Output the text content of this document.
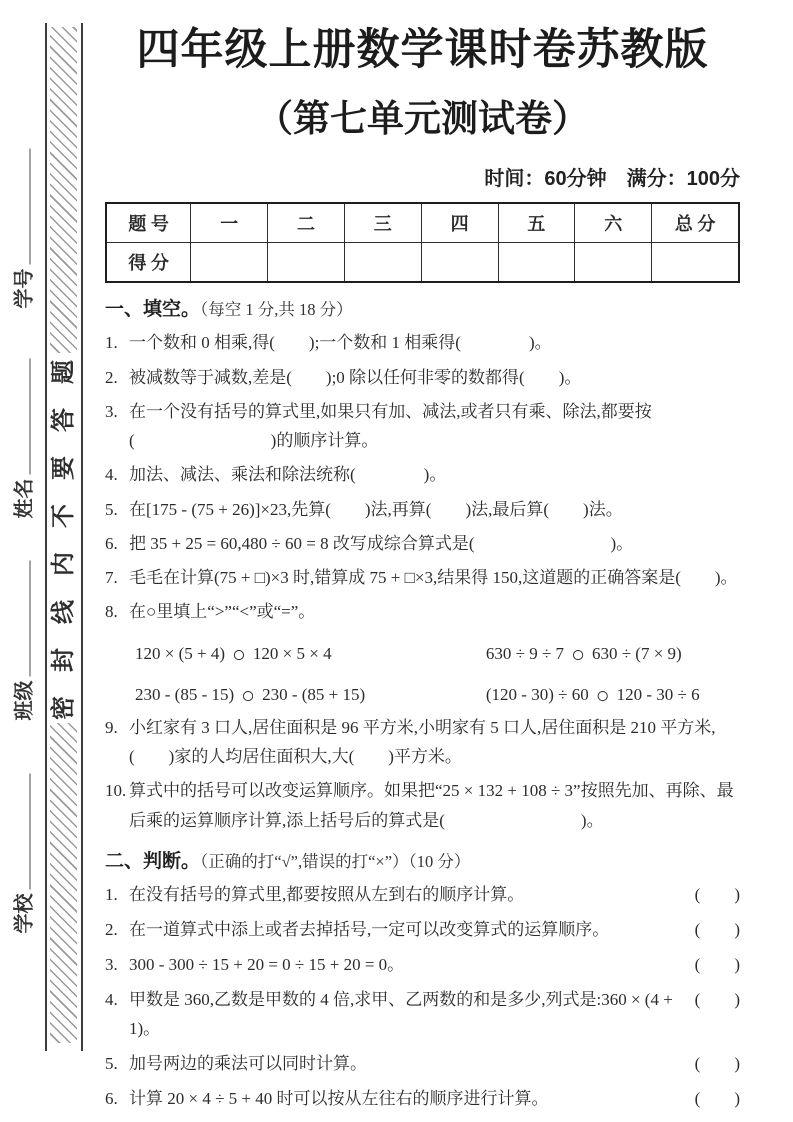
学号
姓名
班级
学校
题
答
要
不
内
线
封
密
四年级上册数学课时卷苏教版
（第七单元测试卷）
时间：60分钟　满分：100分
题 号	一	二	三	四	五	六	总 分
得 分							
一、填空。（每空 1 分,共 18 分）
1. 一个数和 0 相乘,得(　　);一个数和 1 相乘得(　　　　)。
2. 被减数等于减数,差是(　　);0 除以任何非零的数都得(　　)。
3. 在一个没有括号的算式里,如果只有加、减法,或者只有乘、除法,都要按(　　　　　　　　)的顺序计算。
4. 加法、减法、乘法和除法统称(　　　　)。
5. 在[175 - (75 + 26)]×23,先算(　　)法,再算(　　)法,最后算(　　)法。
6. 把 35 + 25 = 60,480 ÷ 60 = 8 改写成综合算式是(　　　　　　　　)。
7. 毛毛在计算(75 + □)×3 时,错算成 75 + □×3,结果得 150,这道题的正确答案是(　　)。
8. 在○里填上“>”“<”或“=”。
120 × (5 + 4) ○ 120 × 5 × 4	630 ÷ 9 ÷ 7 ○ 630 ÷ (7 × 9)
230 - (85 - 15) ○ 230 - (85 + 15)	(120 - 30) ÷ 60 ○ 120 - 30 ÷ 6
9. 小红家有 3 口人,居住面积是 96 平方米,小明家有 5 口人,居住面积是 210 平方米,(　　)家的人均居住面积大,大(　　)平方米。
10. 算式中的括号可以改变运算顺序。如果把“25 × 132 + 108 ÷ 3”按照先加、再除、最后乘的运算顺序计算,添上括号后的算式是(　　　　　　　　)。
二、判断。（正确的打“√”,错误的打“×”）（10 分）
1. 在没有括号的算式里,都要按照从左到右的顺序计算。	(　　)
2. 在一道算式中添上或者去掉括号,一定可以改变算式的运算顺序。	(　　)
3. 300 - 300 ÷ 15 + 20 = 0 ÷ 15 + 20 = 0。	(　　)
4. 甲数是 360,乙数是甲数的 4 倍,求甲、乙两数的和是多少,列式是:360 × (4 + 1)。
(　　)
5. 加号两边的乘法可以同时计算。	(　　)
6. 计算 20 × 4 ÷ 5 + 40 时可以按从左往右的顺序进行计算。	(　　)
